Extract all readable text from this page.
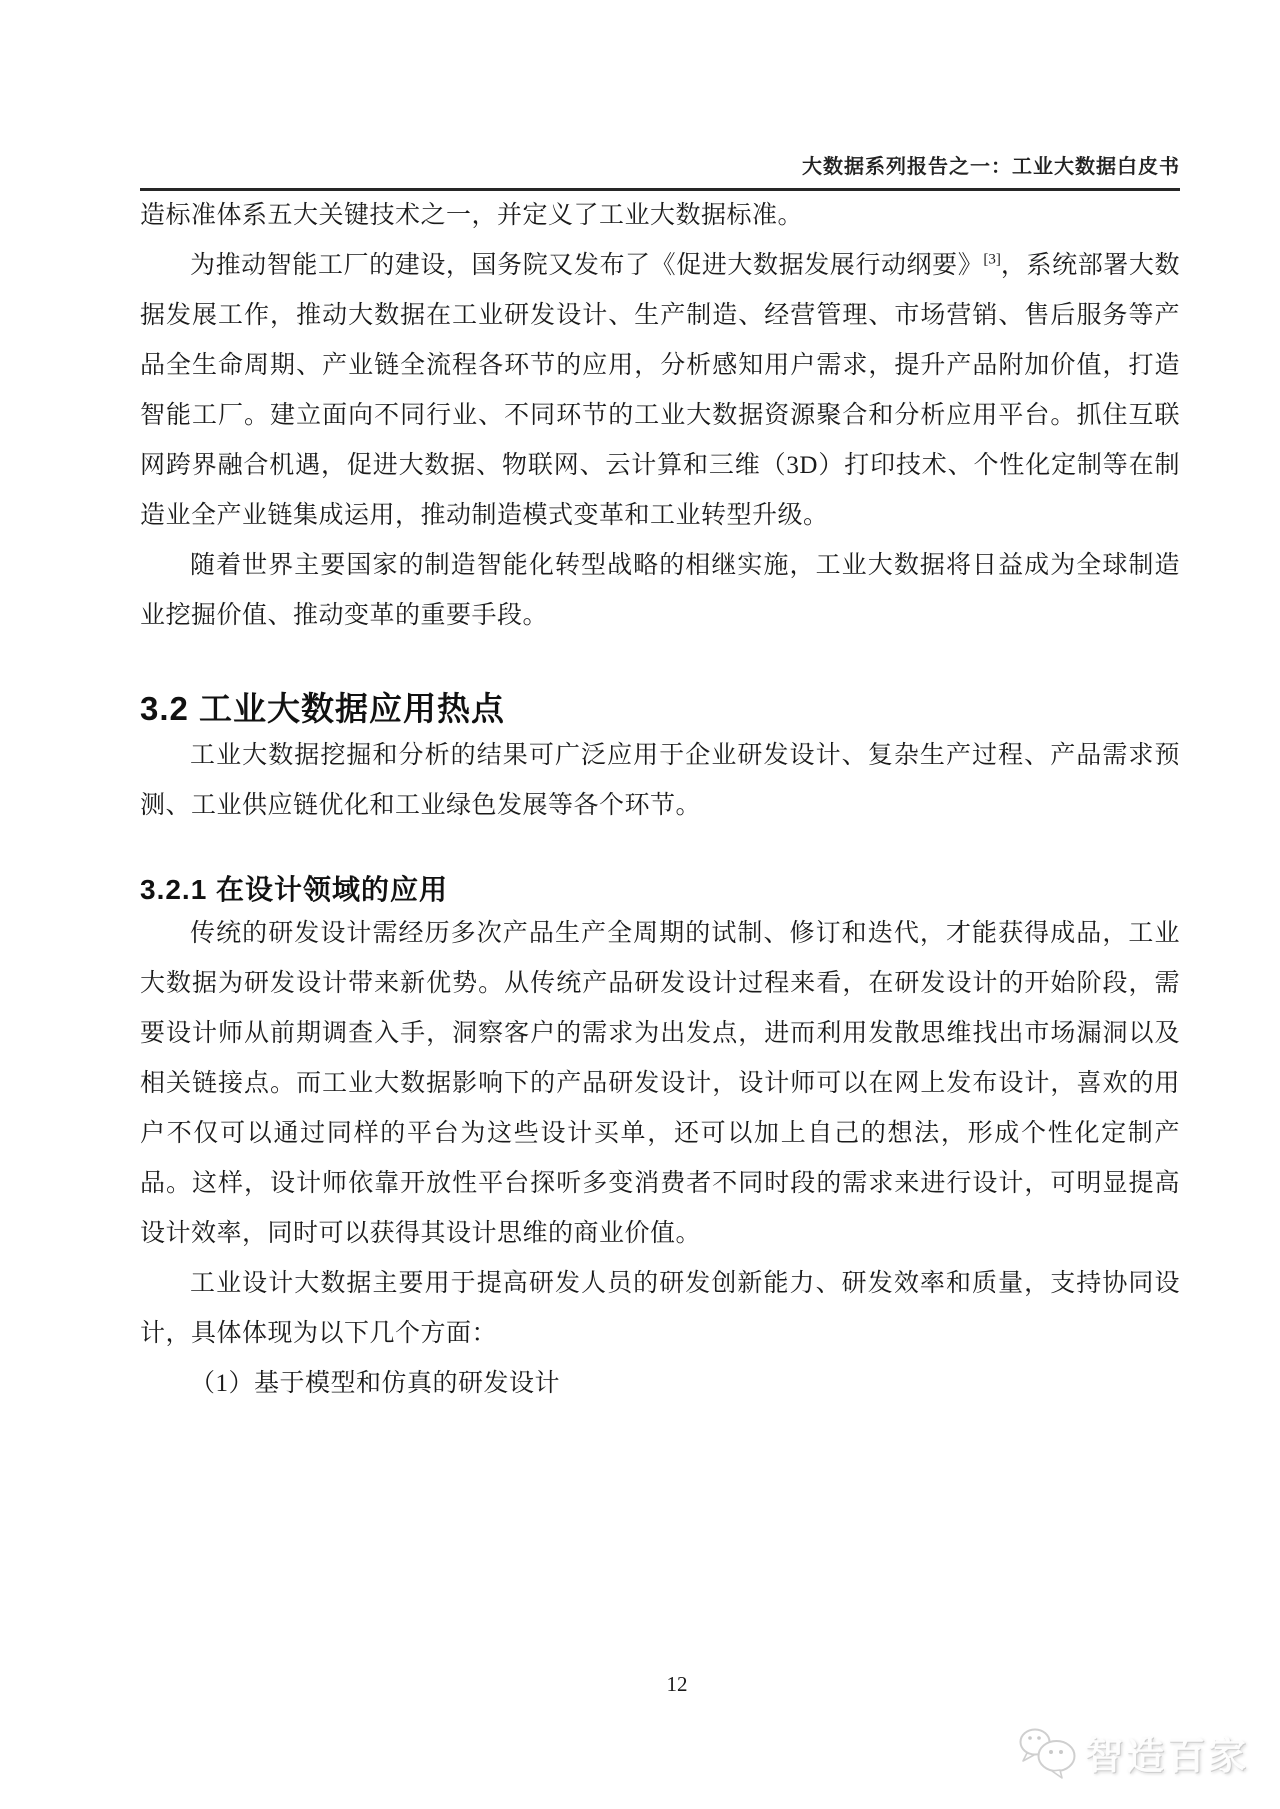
大数据系列报告之一：工业大数据白皮书

造标准体系五大关键技术之一，并定义了工业大数据标准。

为推动智能工厂的建设，国务院又发布了《促进大数据发展行动纲要》[3]，系统部署大数据发展工作，推动大数据在工业研发设计、生产制造、经营管理、市场营销、售后服务等产品全生命周期、产业链全流程各环节的应用，分析感知用户需求，提升产品附加价值，打造智能工厂。建立面向不同行业、不同环节的工业大数据资源聚合和分析应用平台。抓住互联网跨界融合机遇，促进大数据、物联网、云计算和三维（3D）打印技术、个性化定制等在制造业全产业链集成运用，推动制造模式变革和工业转型升级。

随着世界主要国家的制造智能化转型战略的相继实施，工业大数据将日益成为全球制造业挖掘价值、推动变革的重要手段。

3.2 工业大数据应用热点

工业大数据挖掘和分析的结果可广泛应用于企业研发设计、复杂生产过程、产品需求预测、工业供应链优化和工业绿色发展等各个环节。

3.2.1 在设计领域的应用

传统的研发设计需经历多次产品生产全周期的试制、修订和迭代，才能获得成品，工业大数据为研发设计带来新优势。从传统产品研发设计过程来看，在研发设计的开始阶段，需要设计师从前期调查入手，洞察客户的需求为出发点，进而利用发散思维找出市场漏洞以及相关链接点。而工业大数据影响下的产品研发设计，设计师可以在网上发布设计，喜欢的用户不仅可以通过同样的平台为这些设计买单，还可以加上自己的想法，形成个性化定制产品。这样，设计师依靠开放性平台探听多变消费者不同时段的需求来进行设计，可明显提高设计效率，同时可以获得其设计思维的商业价值。

工业设计大数据主要用于提高研发人员的研发创新能力、研发效率和质量，支持协同设计，具体体现为以下几个方面：

（1）基于模型和仿真的研发设计

12
智造百家
